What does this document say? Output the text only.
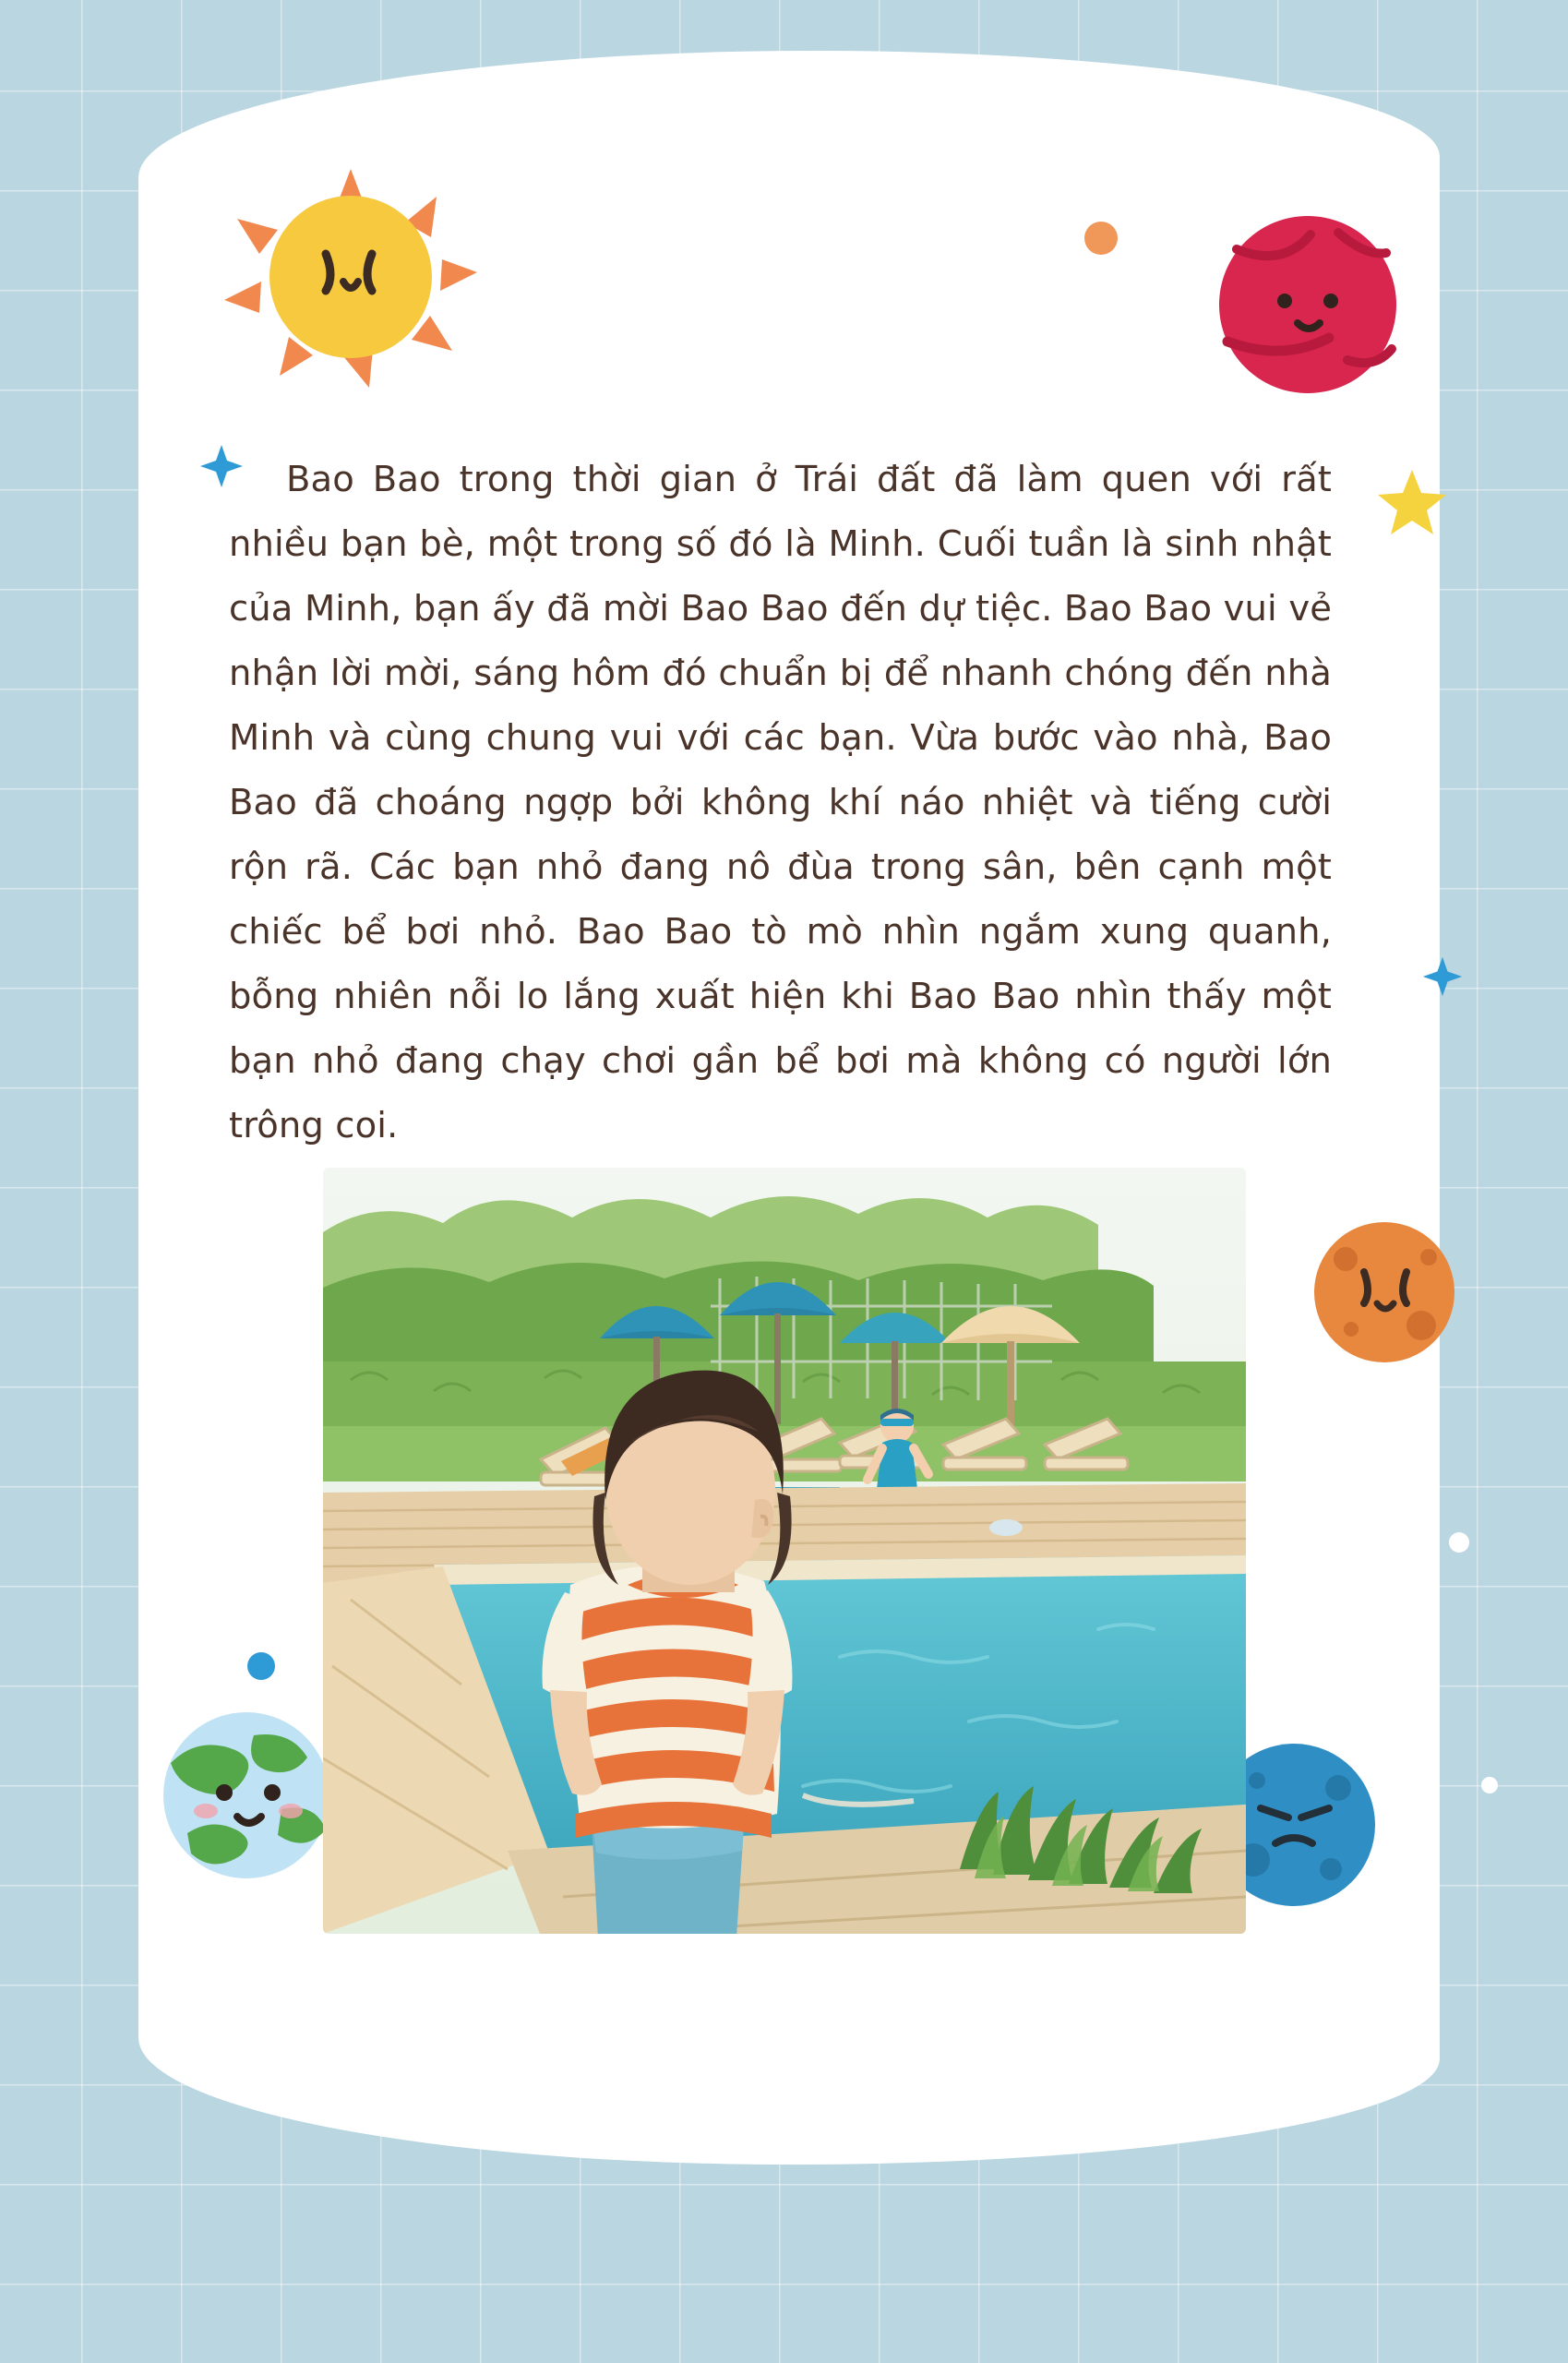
Bao Bao trong thời gian ở Trái đất đã làm quen với rất nhiều bạn bè, một trong số đó là Minh. Cuối tuần là sinh nhật của Minh, bạn ấy đã mời Bao Bao đến dự tiệc. Bao Bao vui vẻ nhận lời mời, sáng hôm đó chuẩn bị để nhanh chóng đến nhà Minh và cùng chung vui với các bạn. Vừa bước vào nhà, Bao Bao đã choáng ngợp bởi không khí náo nhiệt và tiếng cười rộn rã. Các bạn nhỏ đang nô đùa trong sân, bên cạnh một chiếc bể bơi nhỏ. Bao Bao tò mò nhìn ngắm xung quanh, bỗng nhiên nỗi lo lắng xuất hiện khi Bao Bao nhìn thấy một bạn nhỏ đang chạy chơi gần bể bơi mà không có người lớn trông coi.
